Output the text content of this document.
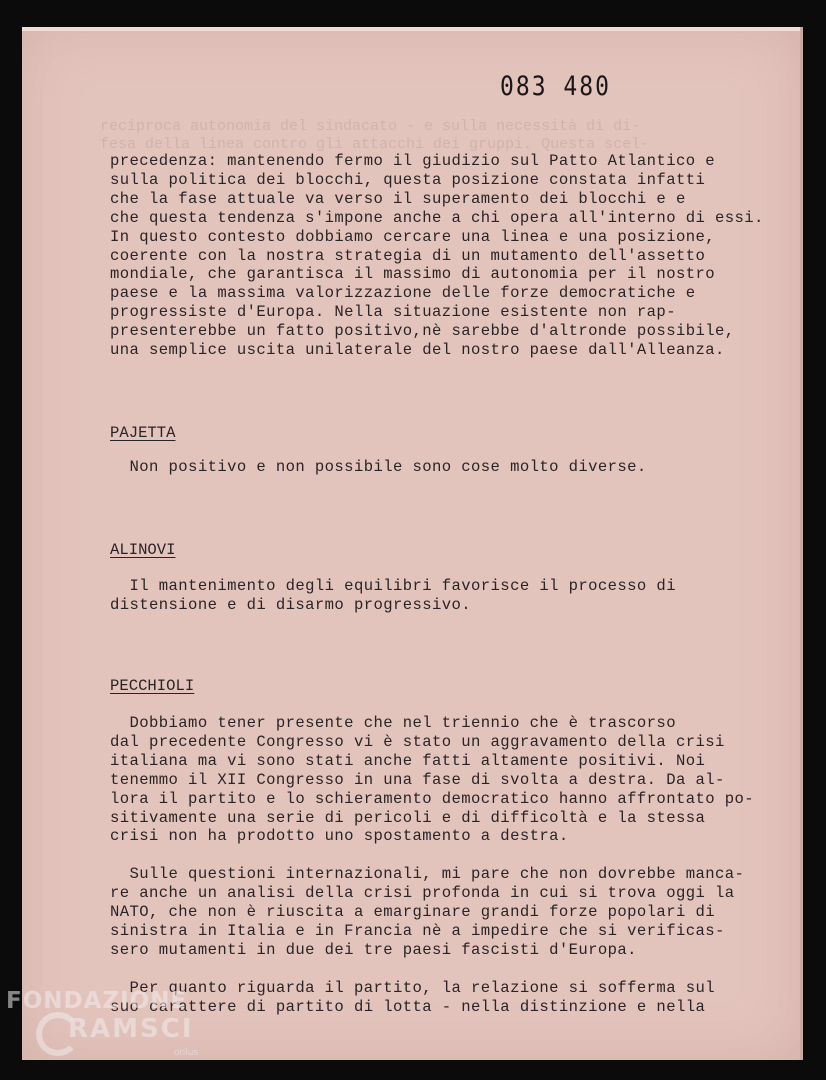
reciproca autonomia del sindacato - e sulla necessità di di-
fesa della linea contro gli attacchi dei gruppi. Questa scel-
083 480
precedenza: mantenendo fermo il giudizio sul Patto Atlantico e
sulla politica dei blocchi, questa posizione constata infatti
che la fase attuale va verso il superamento dei blocchi e e
che questa tendenza s'impone anche a chi opera all'interno di essi.
In questo contesto dobbiamo cercare una linea e una posizione,
coerente con la nostra strategia di un mutamento dell'assetto
mondiale, che garantisca il massimo di autonomia per il nostro
paese e la massima valorizzazione delle forze democratiche e
progressiste d'Europa. Nella situazione esistente non rap-
presenterebbe un fatto positivo,nè sarebbe d'altronde possibile,
una semplice uscita unilaterale del nostro paese dall'Alleanza.
PAJETTA
Non positivo e non possibile sono cose molto diverse.
ALINOVI
Il mantenimento degli equilibri favorisce il processo di
distensione e di disarmo progressivo.
PECCHIOLI
Dobbiamo tener presente che nel triennio che è trascorso
dal precedente Congresso vi è stato un aggravamento della crisi
italiana ma vi sono stati anche fatti altamente positivi. Noi
tenemmo il XII Congresso in una fase di svolta a destra. Da al-
lora il partito e lo schieramento democratico hanno affrontato po-
sitivamente una serie di pericoli e di difficoltà e la stessa
crisi non ha prodotto uno spostamento a destra.
Sulle questioni internazionali, mi pare che non dovrebbe manca-
re anche un analisi della crisi profonda in cui si trova oggi la
NATO, che non è riuscita a emarginare grandi forze popolari di
sinistra in Italia e in Francia nè a impedire che si verificas-
sero mutamenti in due dei tre paesi fascisti d'Europa.
Per quanto riguarda il partito, la relazione si sofferma sul
suo carattere di partito di lotta - nella distinzione e nella
FONDAZIONE
RAMSCI
onlus
